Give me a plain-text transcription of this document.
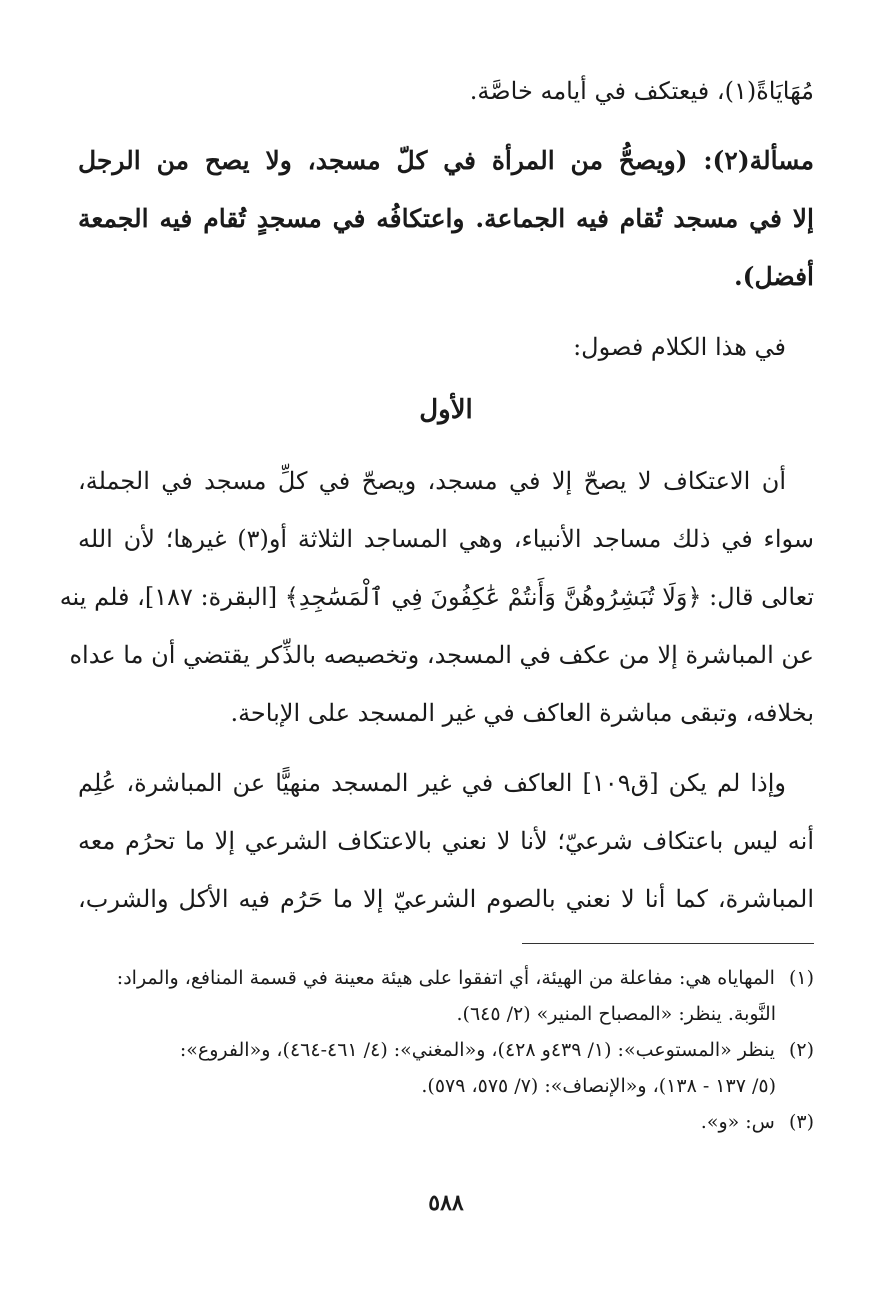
مُهَايَاةً(١)، فيعتكف في أيامه خاصَّة.
مسألة(٢): (ويصحُّ من المرأة في كلّ مسجد، ولا يصح من الرجل
إلا في مسجد تُقام فيه الجماعة. واعتكافُه في مسجدٍ تُقام فيه الجمعة
أفضل).
في هذا الكلام فصول:
الأول
أن الاعتكاف لا يصحّ إلا في مسجد، ويصحّ في كلِّ مسجد في الجملة،
سواء في ذلك مساجد الأنبياء، وهي المساجد الثلاثة أو(٣) غيرها؛ لأن الله
تعالى قال: ﴿وَلَا تُبَشِرُوهُنَّ وَأَنتُمْ عَٰكِفُونَ فِي ٱلْمَسَٰجِدِ﴾ [البقرة: ١٨٧]، فلم ينه
عن المباشرة إلا من عكف في المسجد، وتخصيصه بالذِّكر يقتضي أن ما عداه
بخلافه، وتبقى مباشرة العاكف في غير المسجد على الإباحة.
وإذا لم يكن [ق١٠٩] العاكف في غير المسجد منهيًّا عن المباشرة، عُلِم
أنه ليس باعتكاف شرعيّ؛ لأنا لا نعني بالاعتكاف الشرعي إلا ما تحرُم معه
المباشرة، كما أنا لا نعني بالصوم الشرعيّ إلا ما حَرُم فيه الأكل والشرب،
(١) المهاياه هي: مفاعلة من الهيئة، أي اتفقوا على هيئة معينة في قسمة المنافع، والمراد:
النَّوبة. ينظر: «المصباح المنير» (٢/ ٦٤٥).
(٢) ينظر «المستوعب»: (١/ ٤٣٩و ٤٢٨)، و«المغني»: (٤/ ٤٦١-٤٦٤)، و«الفروع»:
(٥/ ١٣٧ - ١٣٨)، و«الإنصاف»: (٧/ ٥٧٥، ٥٧٩).
(٣) س: «و».
٥٨٨
